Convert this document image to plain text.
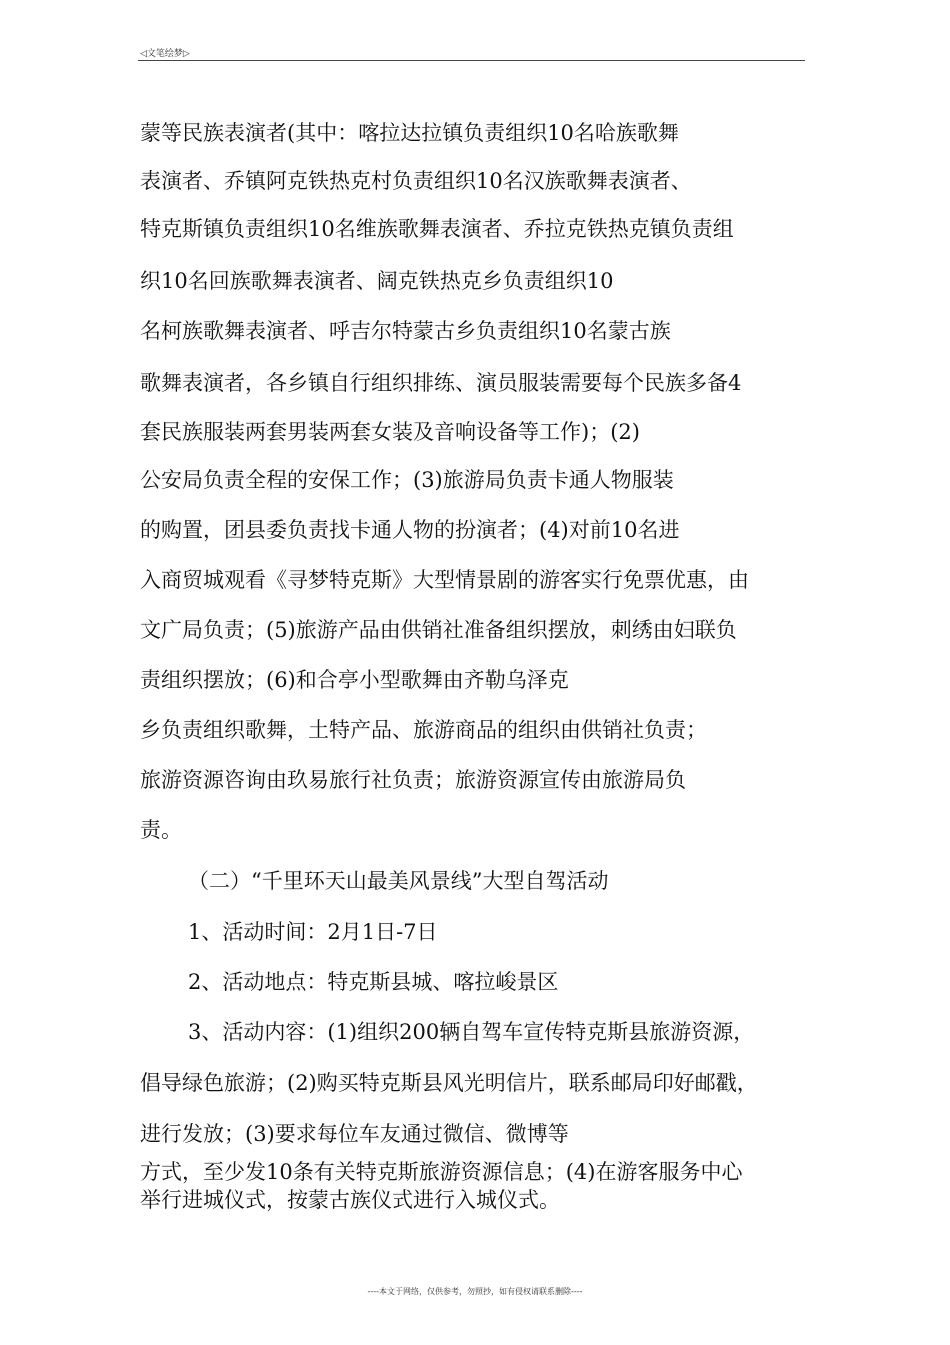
◁文笔绘梦▷
蒙等民族表演者(其中：喀拉达拉镇负责组织10名哈族歌舞
表演者、乔镇阿克铁热克村负责组织10名汉族歌舞表演者、
特克斯镇负责组织10名维族歌舞表演者、乔拉克铁热克镇负责组
织10名回族歌舞表演者、阔克铁热克乡负责组织10
名柯族歌舞表演者、呼吉尔特蒙古乡负责组织10名蒙古族
歌舞表演者，各乡镇自行组织排练、演员服装需要每个民族多备4
套民族服装两套男装两套女装及音响设备等工作)；(2)
公安局负责全程的安保工作；(3)旅游局负责卡通人物服装
的购置，团县委负责找卡通人物的扮演者；(4)对前10名进
入商贸城观看《寻梦特克斯》大型情景剧的游客实行免票优惠，由
文广局负责；(5)旅游产品由供销社准备组织摆放，刺绣由妇联负
责组织摆放；(6)和合亭小型歌舞由齐勒乌泽克
乡负责组织歌舞，土特产品、旅游商品的组织由供销社负责；
旅游资源咨询由玖易旅行社负责；旅游资源宣传由旅游局负
责。
（二）“千里环天山最美风景线”大型自驾活动
1、活动时间：2月1日-7日
2、活动地点：特克斯县城、喀拉峻景区
3、活动内容：(1)组织200辆自驾车宣传特克斯县旅游资源，
倡导绿色旅游；(2)购买特克斯县风光明信片，联系邮局印好邮戳，
进行发放；(3)要求每位车友通过微信、微博等
方式，至少发10条有关特克斯旅游资源信息；(4)在游客服务中心
举行进城仪式，按蒙古族仪式进行入城仪式。
----本文于网络，仅供参考，勿照抄，如有侵权请联系删除----
